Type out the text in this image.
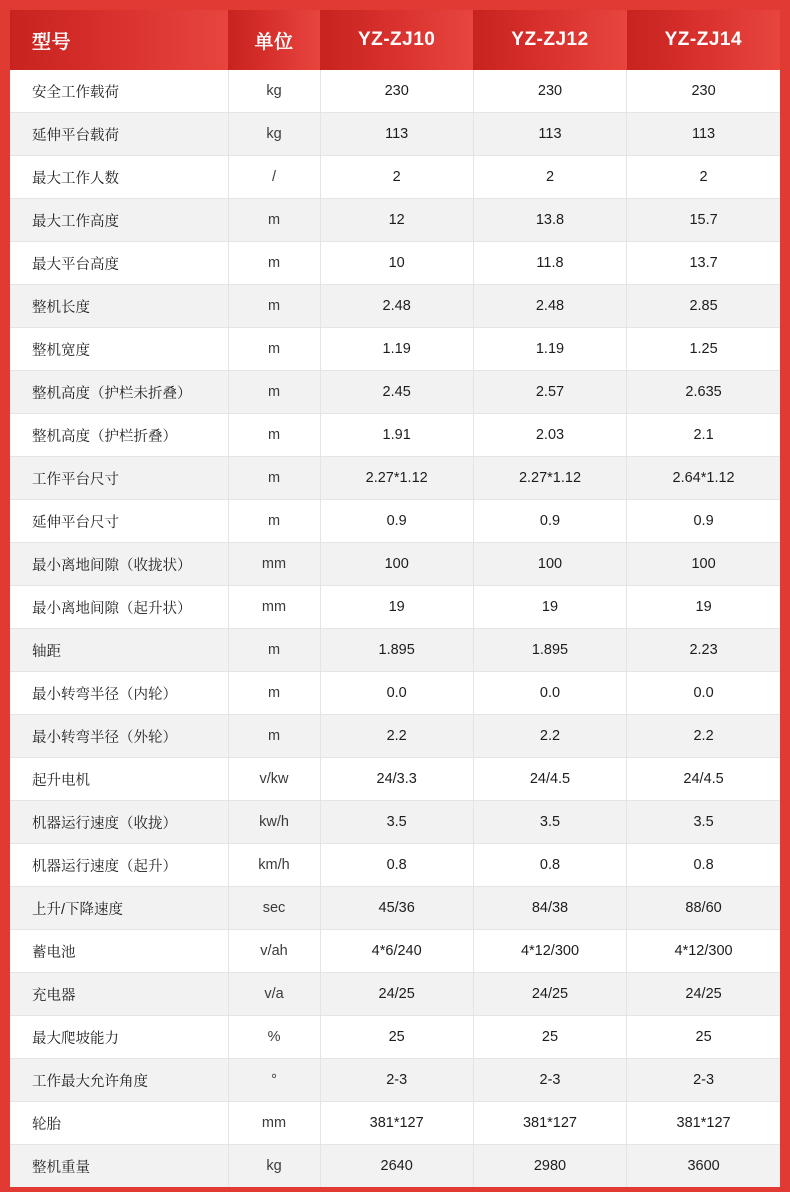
型号	单位	YZ-ZJ10	YZ-ZJ12	YZ-ZJ14
安全工作载荷	kg	230	230	230
延伸平台载荷	kg	113	113	113
最大工作人数	/	2	2	2
最大工作高度	m	12	13.8	15.7
最大平台高度	m	10	11.8	13.7
整机长度	m	2.48	2.48	2.85
整机宽度	m	1.19	1.19	1.25
整机高度（护栏未折叠）	m	2.45	2.57	2.635
整机高度（护栏折叠）	m	1.91	2.03	2.1
工作平台尺寸	m	2.27*1.12	2.27*1.12	2.64*1.12
延伸平台尺寸	m	0.9	0.9	0.9
最小离地间隙（收拢状）	mm	100	100	100
最小离地间隙（起升状）	mm	19	19	19
轴距	m	1.895	1.895	2.23
最小转弯半径（内轮）	m	0.0	0.0	0.0
最小转弯半径（外轮）	m	2.2	2.2	2.2
起升电机	v/kw	24/3.3	24/4.5	24/4.5
机器运行速度（收拢）	kw/h	3.5	3.5	3.5
机器运行速度（起升）	km/h	0.8	0.8	0.8
上升/下降速度	sec	45/36	84/38	88/60
蓄电池	v/ah	4*6/240	4*12/300	4*12/300
充电器	v/a	24/25	24/25	24/25
最大爬坡能力	%	25	25	25
工作最大允许角度	°	2-3	2-3	2-3
轮胎	mm	381*127	381*127	381*127
整机重量	kg	2640	2980	3600
